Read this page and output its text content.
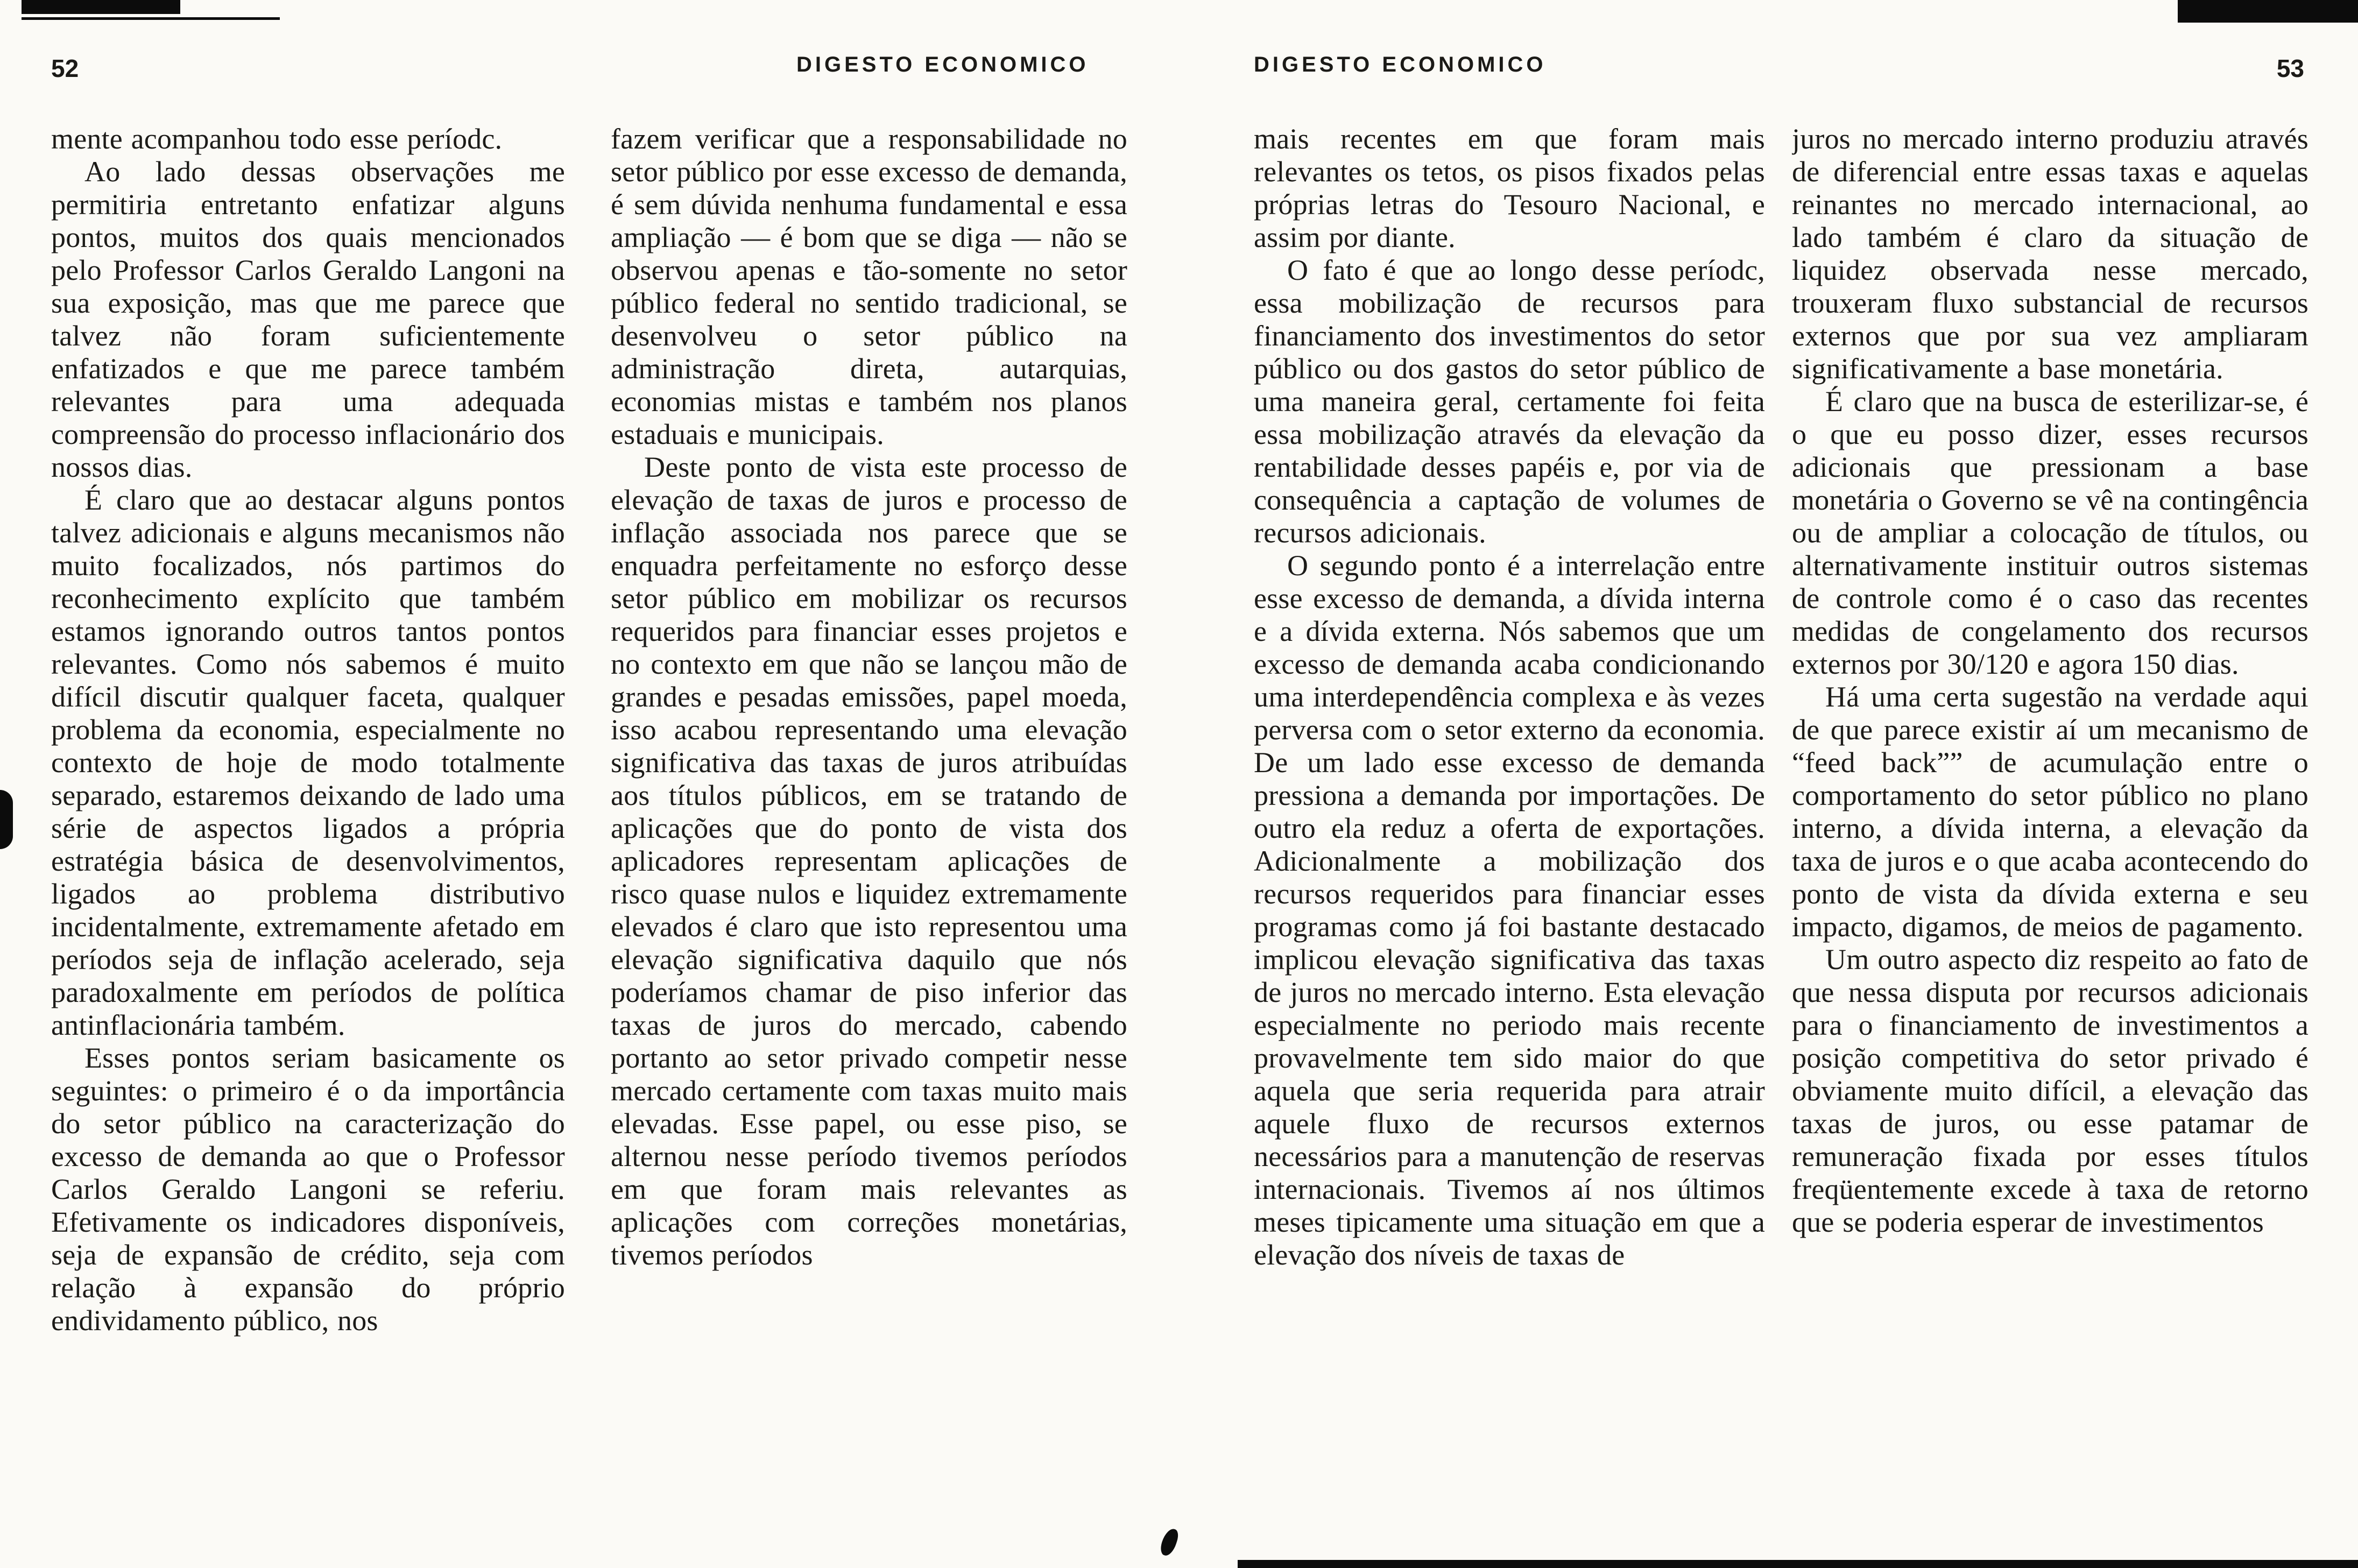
52	DIGESTO ECONOMICO	DIGESTO ECONOMICO	53

mente acompanhou todo esse períodc.

Ao lado dessas observações me permitiria entretanto enfatizar alguns pontos, muitos dos quais mencionados pelo Professor Carlos Geraldo Langoni na sua exposição, mas que me parece que talvez não foram suficientemente enfatizados e que me parece também relevantes para uma adequada compreensão do processo inflacionário dos nossos dias.

É claro que ao destacar alguns pontos talvez adicionais e alguns mecanismos não muito focalizados, nós partimos do reconhecimento explícito que também estamos ignorando outros tantos pontos relevantes. Como nós sabemos é muito difícil discutir qualquer faceta, qualquer problema da economia, especialmente no contexto de hoje de modo totalmente separado, estaremos deixando de lado uma série de aspectos ligados a própria estratégia básica de desenvolvimentos, ligados ao problema distributivo incidentalmente, extremamente afetado em períodos seja de inflação acelerado, seja paradoxalmente em períodos de política antinflacionária também.

Esses pontos seriam basicamente os seguintes: o primeiro é o da importância do setor público na caracterização do excesso de demanda ao que o Professor Carlos Geraldo Langoni se referiu. Efetivamente os indicadores disponíveis, seja de expansão de crédito, seja com relação à expansão do próprio endividamento público, nos

fazem verificar que a responsabilidade no setor público por esse excesso de demanda, é sem dúvida nenhuma fundamental e essa ampliação — é bom que se diga — não se observou apenas e tão-somente no setor público federal no sentido tradicional, se desenvolveu o setor público na administração direta, autarquias, economias mistas e também nos planos estaduais e municipais.

Deste ponto de vista este processo de elevação de taxas de juros e processo de inflação associada nos parece que se enquadra perfeitamente no esforço desse setor público em mobilizar os recursos requeridos para financiar esses projetos e no contexto em que não se lançou mão de grandes e pesadas emissões, papel moeda, isso acabou representando uma elevação significativa das taxas de juros atribuídas aos títulos públicos, em se tratando de aplicações que do ponto de vista dos aplicadores representam aplicações de risco quase nulos e liquidez extremamente elevados é claro que isto representou uma elevação significativa daquilo que nós poderíamos chamar de piso inferior das taxas de juros do mercado, cabendo portanto ao setor privado competir nesse mercado certamente com taxas muito mais elevadas. Esse papel, ou esse piso, se alternou nesse período tivemos períodos em que foram mais relevantes as aplicações com correções monetárias, tivemos períodos

mais recentes em que foram mais relevantes os tetos, os pisos fixados pelas próprias letras do Tesouro Nacional, e assim por diante.

O fato é que ao longo desse períodc, essa mobilização de recursos para financiamento dos investimentos do setor público ou dos gastos do setor público de uma maneira geral, certamente foi feita essa mobilização através da elevação da rentabilidade desses papéis e, por via de consequência a captação de volumes de recursos adicionais.

O segundo ponto é a interrelação entre esse excesso de demanda, a dívida interna e a dívida externa. Nós sabemos que um excesso de demanda acaba condicionando uma interdependência complexa e às vezes perversa com o setor externo da economia. De um lado esse excesso de demanda pressiona a demanda por importações. De outro ela reduz a oferta de exportações. Adicionalmente a mobilização dos recursos requeridos para financiar esses programas como já foi bastante destacado implicou elevação significativa das taxas de juros no mercado interno. Esta elevação especialmente no periodo mais recente provavelmente tem sido maior do que aquela que seria requerida para atrair aquele fluxo de recursos externos necessários para a manutenção de reservas internacionais. Tivemos aí nos últimos meses tipicamente uma situação em que a elevação dos níveis de taxas de

juros no mercado interno produziu através de diferencial entre essas taxas e aquelas reinantes no mercado internacional, ao lado também é claro da situação de liquidez observada nesse mercado, trouxeram fluxo substancial de recursos externos que por sua vez ampliaram significativamente a base monetária.

É claro que na busca de esterilizar-se, é o que eu posso dizer, esses recursos adicionais que pressionam a base monetária o Governo se vê na contingência ou de ampliar a colocação de títulos, ou alternativamente instituir outros sistemas de controle como é o caso das recentes medidas de congelamento dos recursos externos por 30/120 e agora 150 dias.

Há uma certa sugestão na verdade aqui de que parece existir aí um mecanismo de “feed back”” de acumulação entre o comportamento do setor público no plano interno, a dívida interna, a elevação da taxa de juros e o que acaba acontecendo do ponto de vista da dívida externa e seu impacto, digamos, de meios de pagamento.

Um outro aspecto diz respeito ao fato de que nessa disputa por recursos adicionais para o financiamento de investimentos a posição competitiva do setor privado é obviamente muito difícil, a elevação das taxas de juros, ou esse patamar de remuneração fixada por esses títulos freqüentemente excede à taxa de retorno que se poderia esperar de investimentos
